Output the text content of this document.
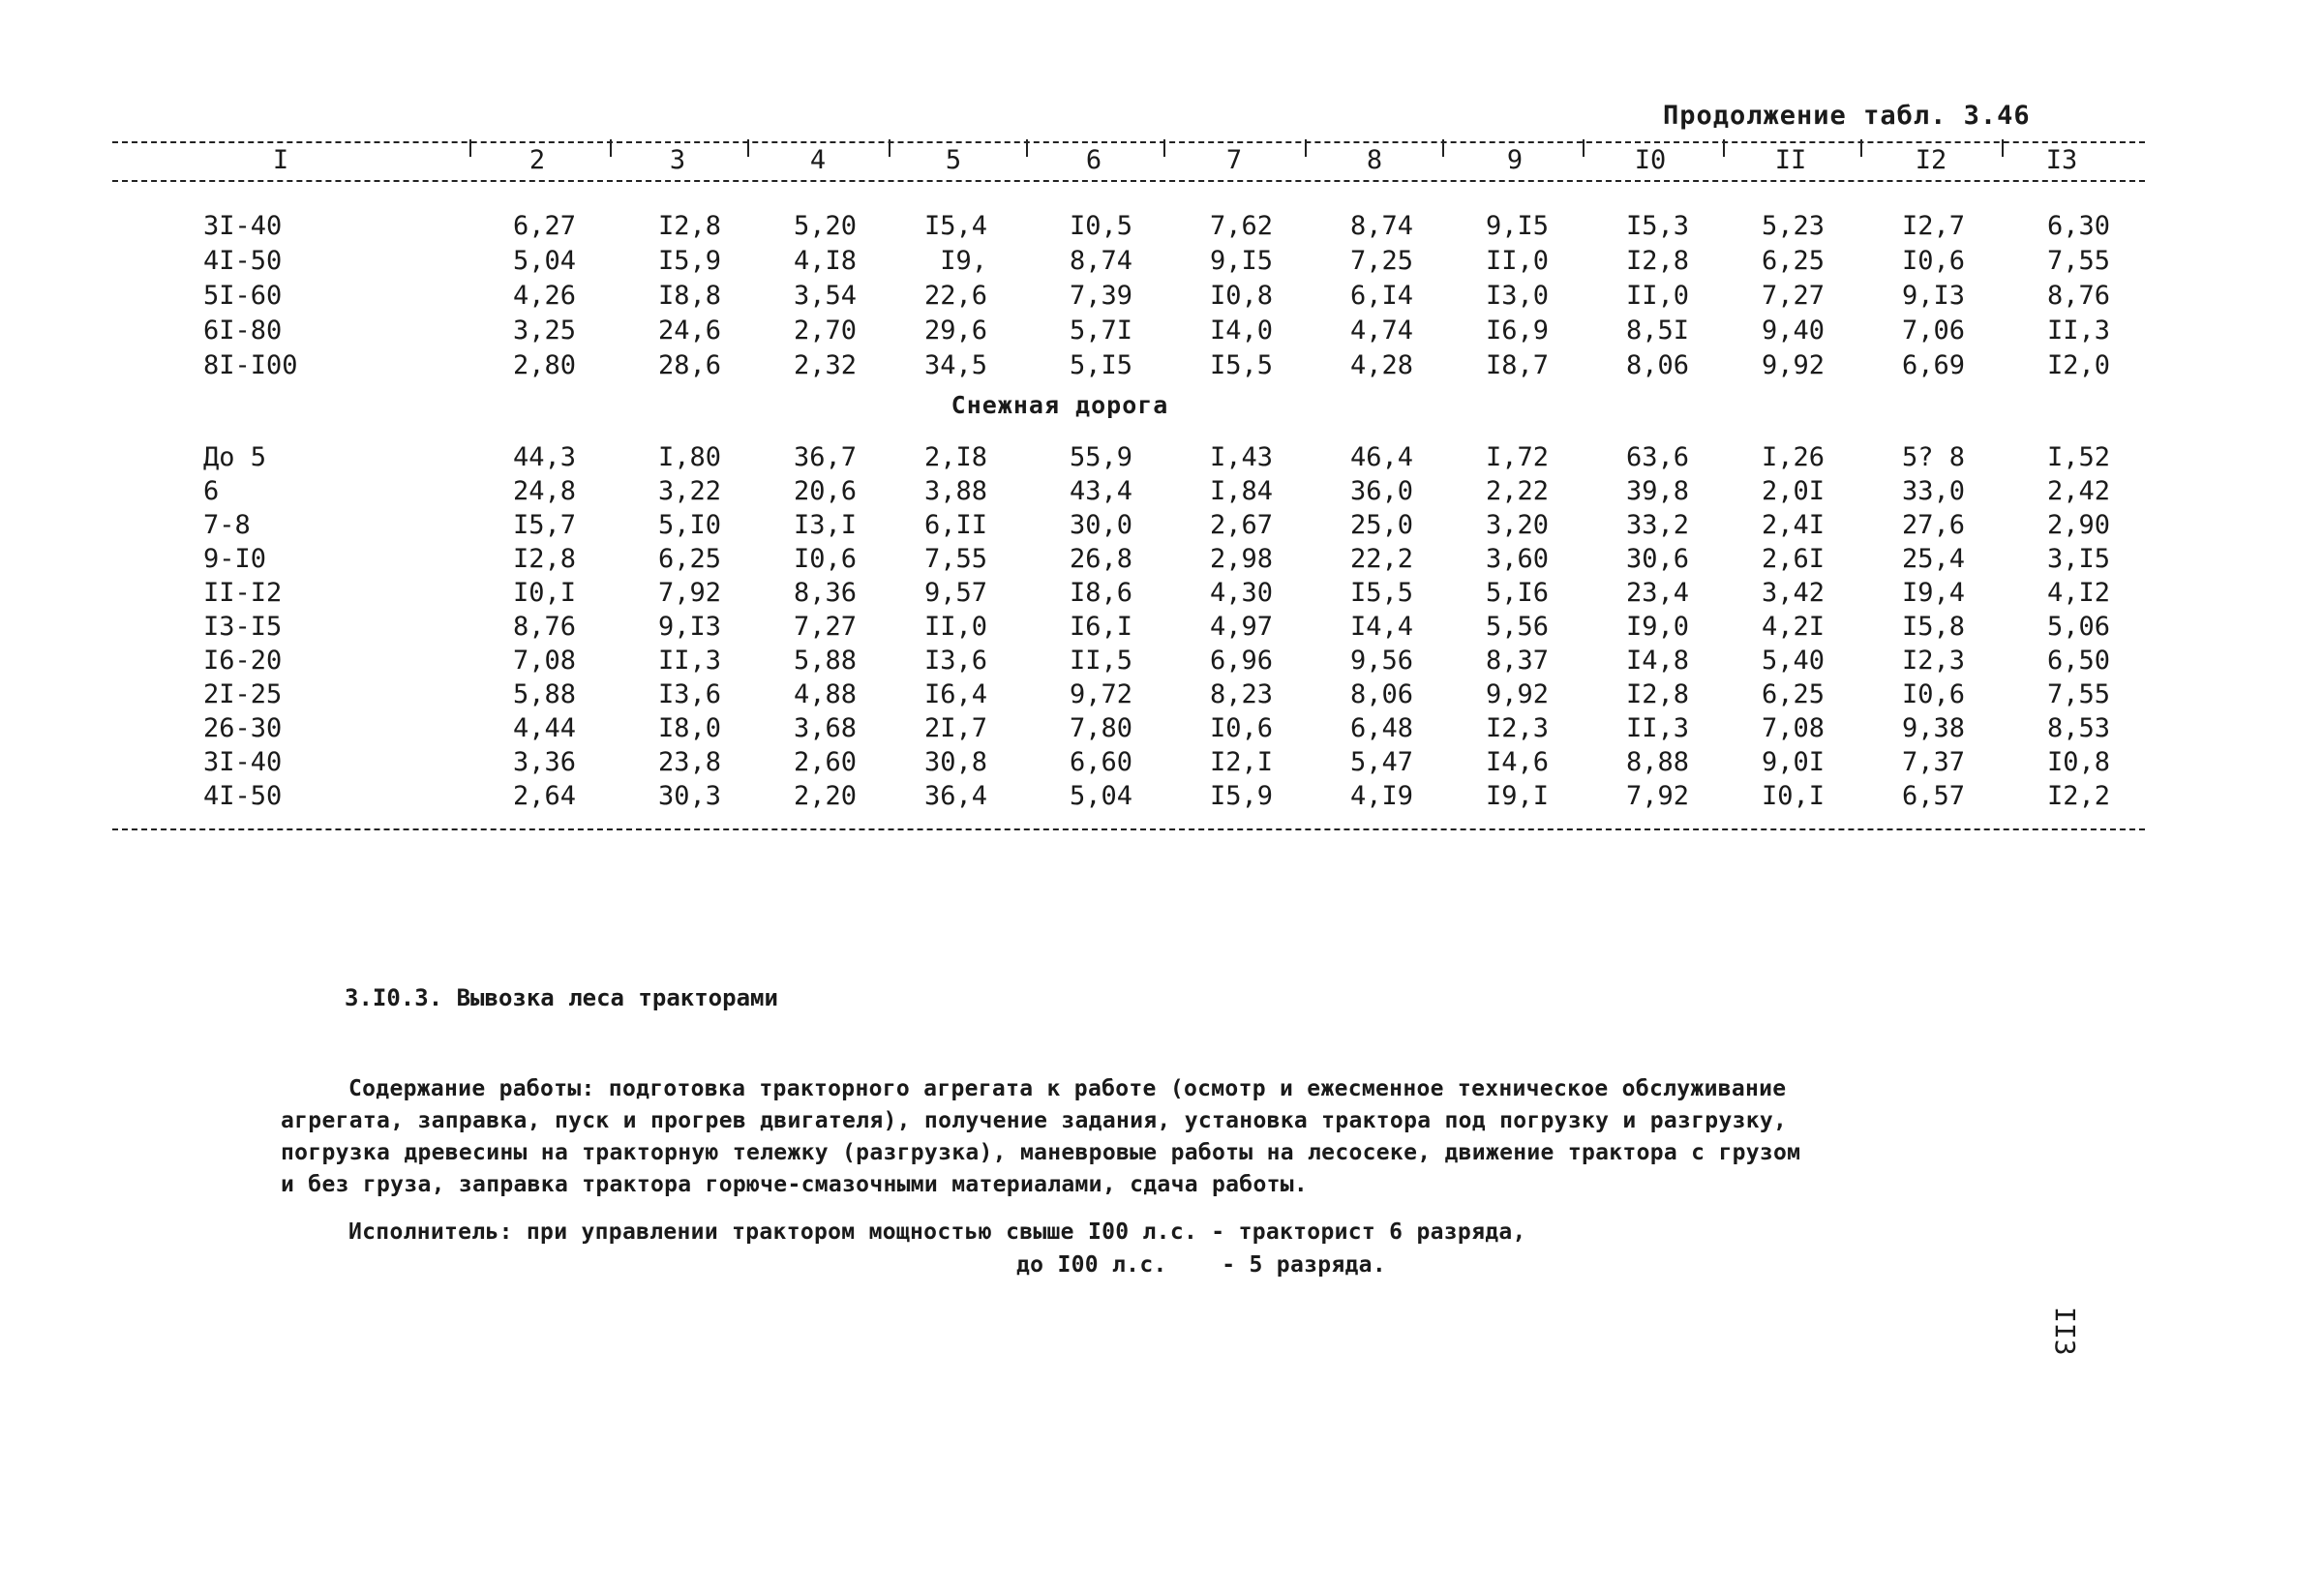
Продолжение табл. 3.46
I	2	3	4	5	6	7	8	9	I0	II	I2	I3
3I-40	6,27	I2,8	5,20	I5,4	I0,5	7,62	8,74	9,I5	I5,3	5,23	I2,7	6,30
4I-50	5,04	I5,9	4,I8	I9,	8,74	9,I5	7,25	II,0	I2,8	6,25	I0,6	7,55
5I-60	4,26	I8,8	3,54	22,6	7,39	I0,8	6,I4	I3,0	II,0	7,27	9,I3	8,76
6I-80	3,25	24,6	2,70	29,6	5,7I	I4,0	4,74	I6,9	8,5I	9,40	7,06	II,3
8I-I00	2,80	28,6	2,32	34,5	5,I5	I5,5	4,28	I8,7	8,06	9,92	6,69	I2,0
Снежная дорога
До 5	44,3	I,80	36,7	2,I8	55,9	I,43	46,4	I,72	63,6	I,26	5? 8	I,52
6	24,8	3,22	20,6	3,88	43,4	I,84	36,0	2,22	39,8	2,0I	33,0	2,42
7-8	I5,7	5,I0	I3,I	6,II	30,0	2,67	25,0	3,20	33,2	2,4I	27,6	2,90
9-I0	I2,8	6,25	I0,6	7,55	26,8	2,98	22,2	3,60	30,6	2,6I	25,4	3,I5
II-I2	I0,I	7,92	8,36	9,57	I8,6	4,30	I5,5	5,I6	23,4	3,42	I9,4	4,I2
I3-I5	8,76	9,I3	7,27	II,0	I6,I	4,97	I4,4	5,56	I9,0	4,2I	I5,8	5,06
I6-20	7,08	II,3	5,88	I3,6	II,5	6,96	9,56	8,37	I4,8	5,40	I2,3	6,50
2I-25	5,88	I3,6	4,88	I6,4	9,72	8,23	8,06	9,92	I2,8	6,25	I0,6	7,55
26-30	4,44	I8,0	3,68	2I,7	7,80	I0,6	6,48	I2,3	II,3	7,08	9,38	8,53
3I-40	3,36	23,8	2,60	30,8	6,60	I2,I	5,47	I4,6	8,88	9,0I	7,37	I0,8
4I-50	2,64	30,3	2,20	36,4	5,04	I5,9	4,I9	I9,I	7,92	I0,I	6,57	I2,2
3.I0.3. Вывозка леса тракторами
Содержание работы: подготовка тракторного агрегата к работе (осмотр и ежесменное техническое обслуживание
агрегата, заправка, пуск и прогрев двигателя), получение задания, установка трактора под погрузку и разгрузку,
погрузка древесины на тракторную тележку (разгрузка), маневровые работы на лесосеке, движение трактора с грузом
и без груза, заправка трактора горюче-смазочными материалами, сдача работы.
Исполнитель: при управлении трактором мощностью свыше I00 л.с. - тракторист 6 разряда,
до I00 л.с.    - 5 разряда.
II3
